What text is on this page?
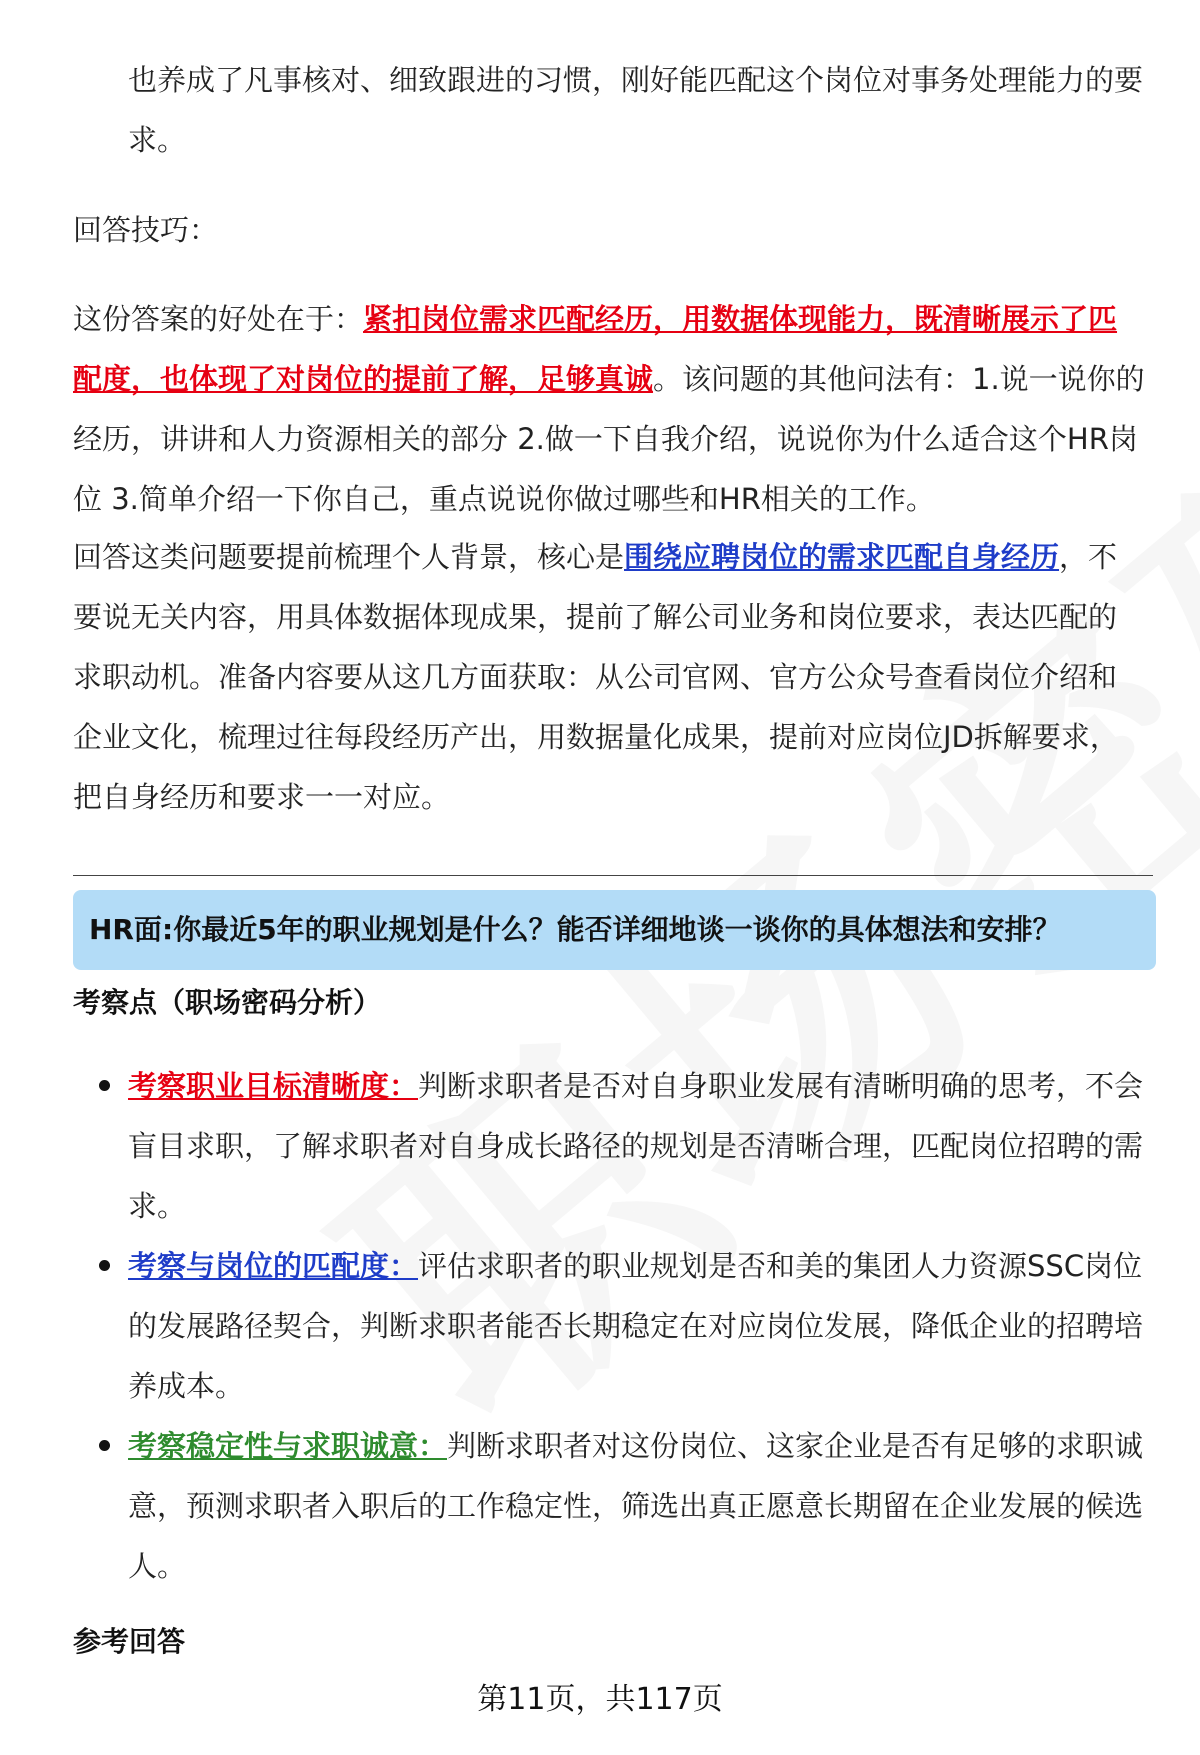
也养成了凡事核对、细致跟进的习惯，刚好能匹配这个岗位对事务处理能力的要求。

回答技巧：

这份答案的好处在于：紧扣岗位需求匹配经历，用数据体现能力，既清晰展示了匹配度，也体现了对岗位的提前了解，足够真诚。该问题的其他问法有：1.说一说你的经历，讲讲和人力资源相关的部分 2.做一下自我介绍，说说你为什么适合这个HR岗位 3.简单介绍一下你自己，重点说说你做过哪些和HR相关的工作。

回答这类问题要提前梳理个人背景，核心是围绕应聘岗位的需求匹配自身经历，不要说无关内容，用具体数据体现成果，提前了解公司业务和岗位要求，表达匹配的求职动机。准备内容要从这几方面获取：从公司官网、官方公众号查看岗位介绍和企业文化，梳理过往每段经历产出，用数据量化成果，提前对应岗位JD拆解要求，把自身经历和要求一一对应。

HR面:你最近5年的职业规划是什么？能否详细地谈一谈你的具体想法和安排？
考察点（职场密码分析）

考察职业目标清晰度：判断求职者是否对自身职业发展有清晰明确的思考，不会盲目求职，了解求职者对自身成长路径的规划是否清晰合理，匹配岗位招聘的需求。

考察与岗位的匹配度：评估求职者的职业规划是否和美的集团人力资源SSC岗位的发展路径契合，判断求职者能否长期稳定在对应岗位发展，降低企业的招聘培养成本。

考察稳定性与求职诚意：判断求职者对这份岗位、这家企业是否有足够的求职诚意，预测求职者入职后的工作稳定性，筛选出真正愿意长期留在企业发展的候选人。

参考回答
第11页，共117页
